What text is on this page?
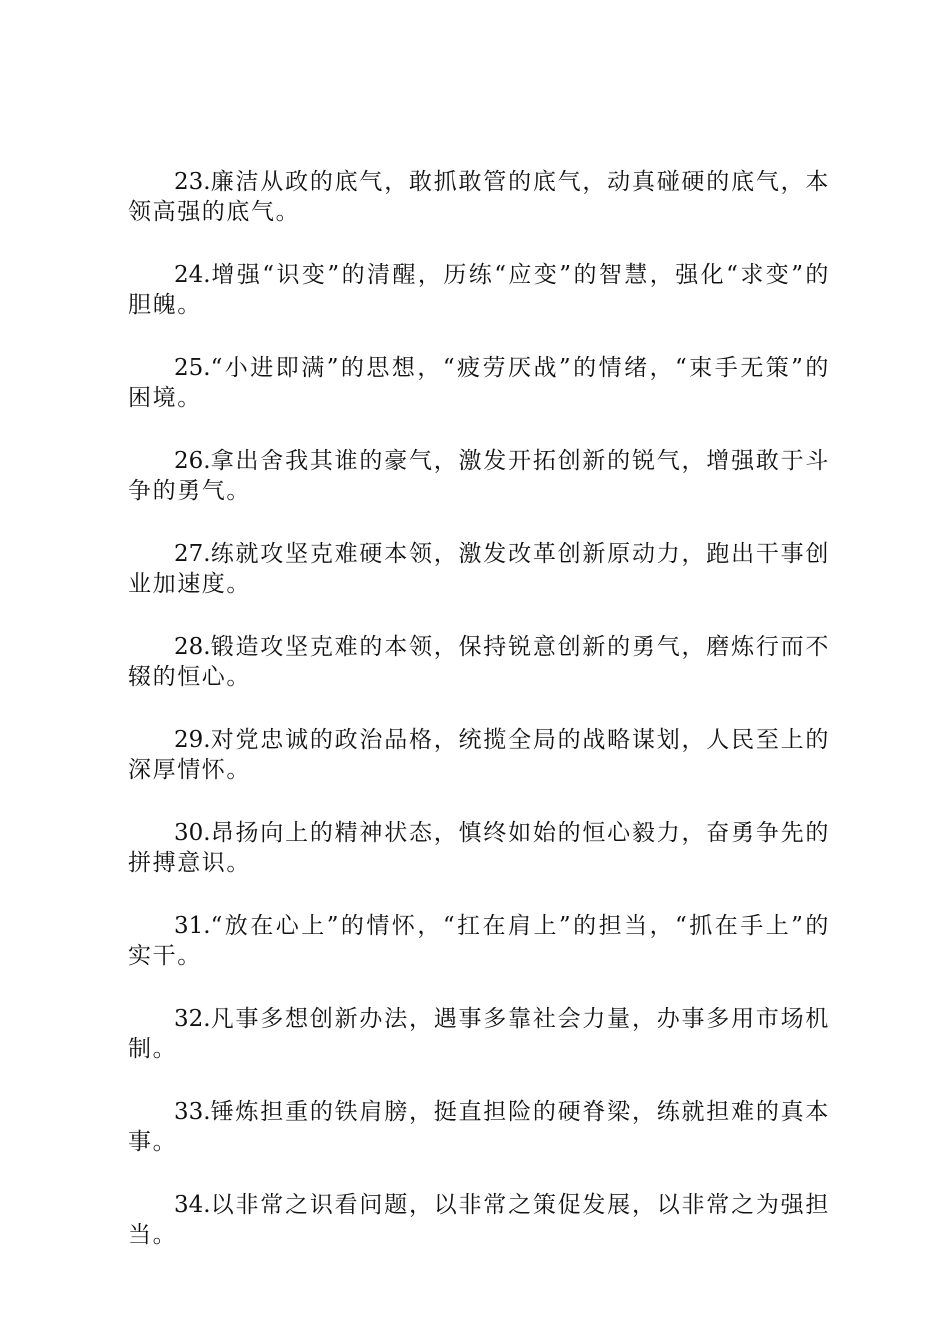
23.廉洁从政的底气，敢抓敢管的底气，动真碰硬的底气，本领高强的底气。

24.增强“识变”的清醒，历练“应变”的智慧，强化“求变”的胆魄。

25.“小进即满”的思想，“疲劳厌战”的情绪，“束手无策”的困境。

26.拿出舍我其谁的豪气，激发开拓创新的锐气，增强敢于斗争的勇气。

27.练就攻坚克难硬本领，激发改革创新原动力，跑出干事创业加速度。

28.锻造攻坚克难的本领，保持锐意创新的勇气，磨炼行而不辍的恒心。

29.对党忠诚的政治品格，统揽全局的战略谋划，人民至上的深厚情怀。

30.昂扬向上的精神状态，慎终如始的恒心毅力，奋勇争先的拼搏意识。

31.“放在心上”的情怀，“扛在肩上”的担当，“抓在手上”的实干。

32.凡事多想创新办法，遇事多靠社会力量，办事多用市场机制。

33.锤炼担重的铁肩膀，挺直担险的硬脊梁，练就担难的真本事。

34.以非常之识看问题，以非常之策促发展，以非常之为强担当。
